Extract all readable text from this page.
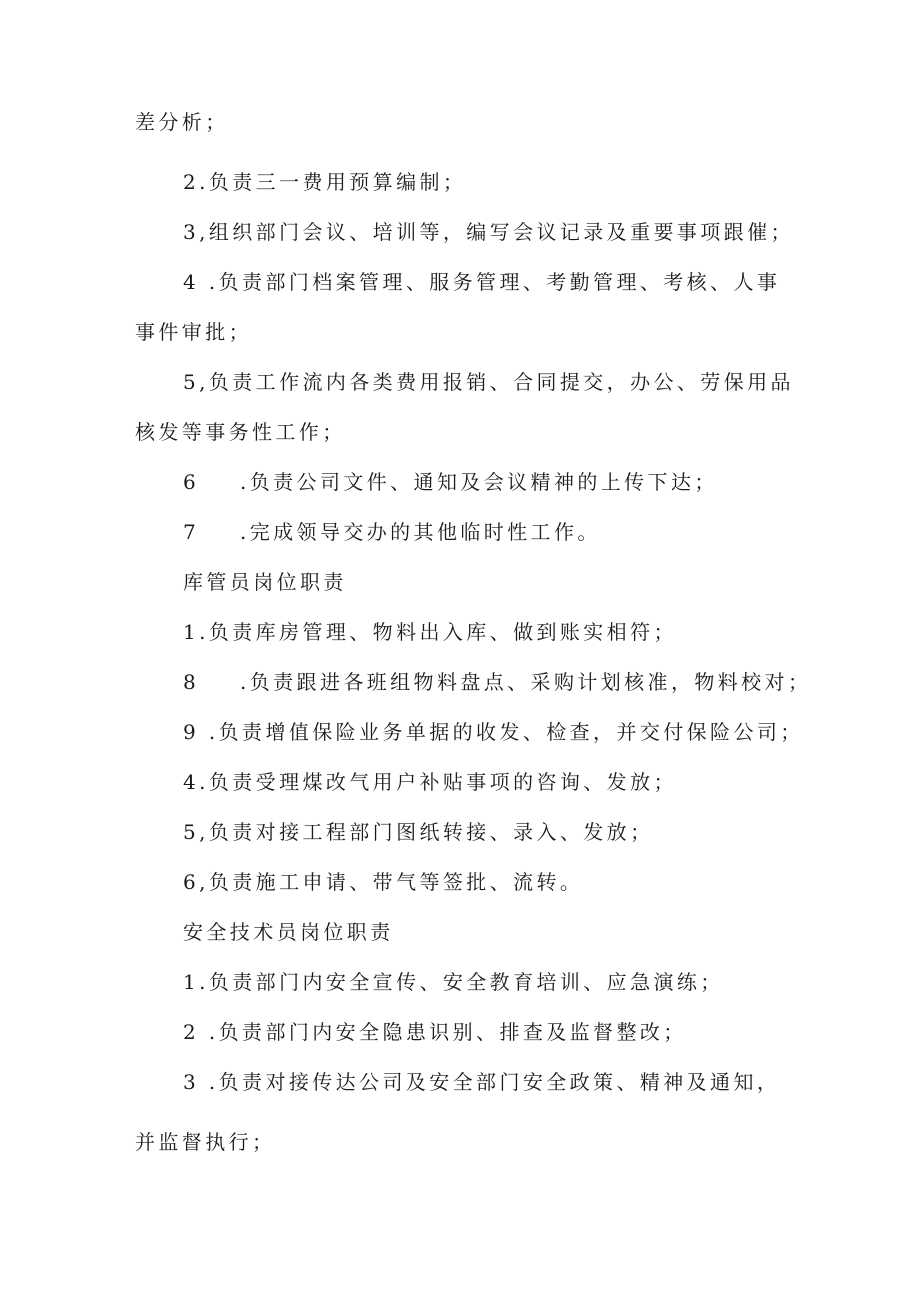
差分析；
2.负责三一费用预算编制；
3,组织部门会议、培训等，编写会议记录及重要事项跟催；
4 .负责部门档案管理、服务管理、考勤管理、考核、人事
事件审批；
5,负责工作流内各类费用报销、合同提交，办公、劳保用品
核发等事务性工作；
6 .负责公司文件、通知及会议精神的上传下达；
7 .完成领导交办的其他临时性工作。
库管员岗位职责
1.负责库房管理、物料出入库、做到账实相符；
8 .负责跟进各班组物料盘点、采购计划核准，物料校对；
9 .负责增值保险业务单据的收发、检查，并交付保险公司；
4.负责受理煤改气用户补贴事项的咨询、发放；
5,负责对接工程部门图纸转接、录入、发放；
6,负责施工申请、带气等签批、流转。
安全技术员岗位职责
1.负责部门内安全宣传、安全教育培训、应急演练；
2 .负责部门内安全隐患识别、排查及监督整改；
3 .负责对接传达公司及安全部门安全政策、精神及通知，
并监督执行；
